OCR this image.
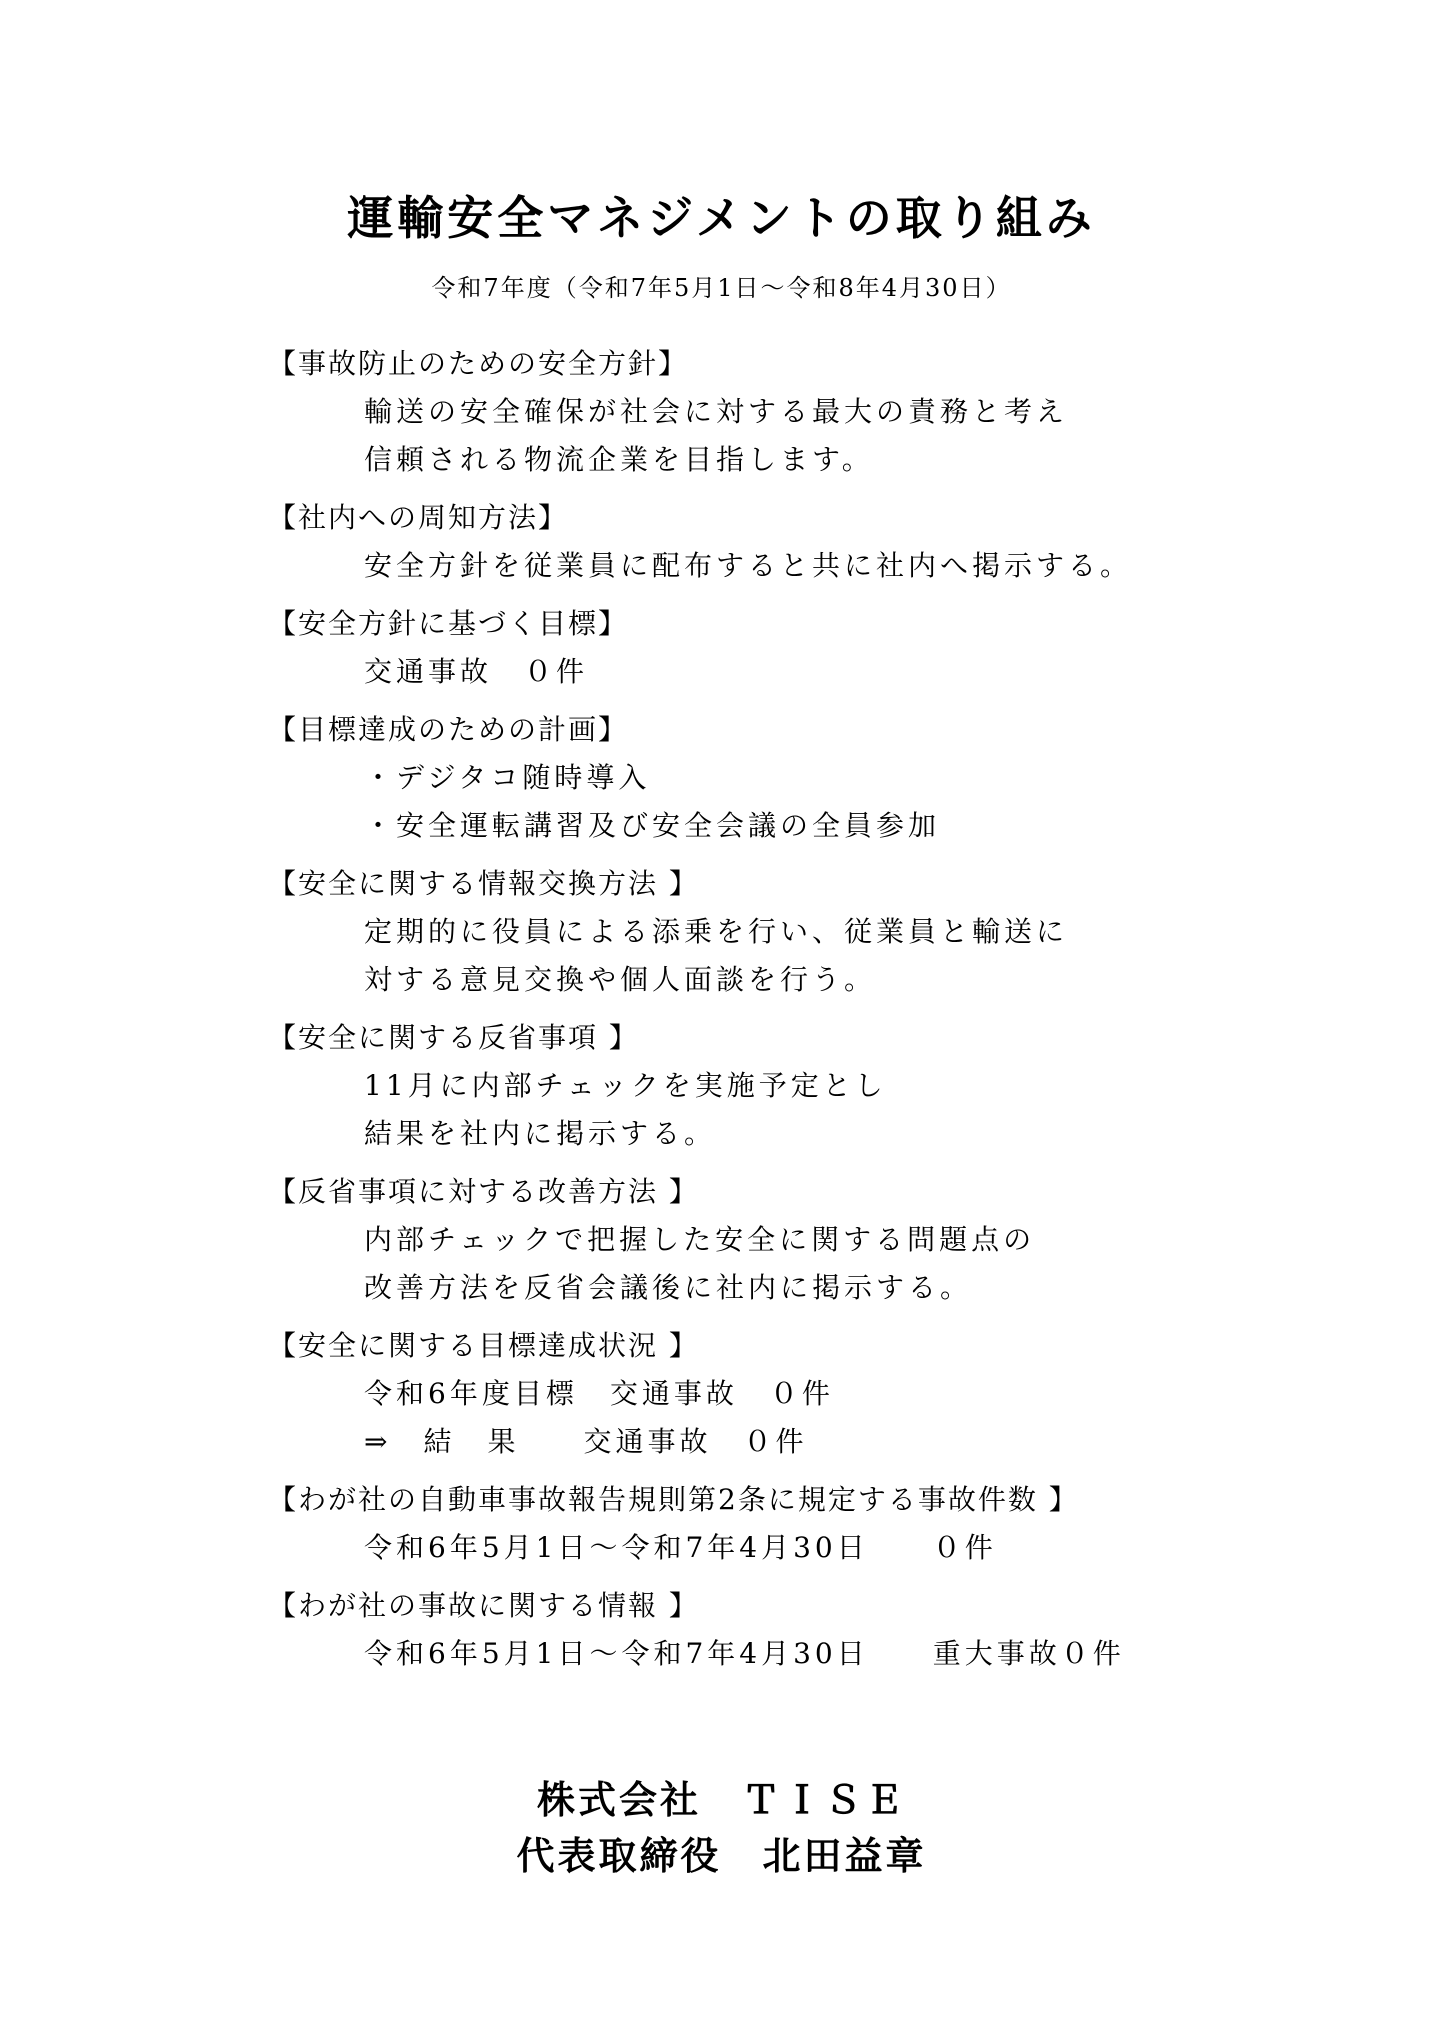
運輸安全マネジメントの取り組み
令和7年度（令和7年5月1日～令和8年4月30日）
【事故防止のための安全方針】
輸送の安全確保が社会に対する最大の責務と考え
信頼される物流企業を目指します。
【社内への周知方法】
安全方針を従業員に配布すると共に社内へ掲示する。
【安全方針に基づく目標】
交通事故　０件
【目標達成のための計画】
・デジタコ随時導入
・安全運転講習及び安全会議の全員参加
【安全に関する情報交換方法 】
定期的に役員による添乗を行い、従業員と輸送に
対する意見交換や個人面談を行う。
【安全に関する反省事項 】
11月に内部チェックを実施予定とし
結果を社内に掲示する。
【反省事項に対する改善方法 】
内部チェックで把握した安全に関する問題点の
改善方法を反省会議後に社内に掲示する。
【安全に関する目標達成状況 】
令和6年度目標　交通事故　０件
⇒　結　果　　交通事故　０件
【わが社の自動車事故報告規則第2条に規定する事故件数 】
令和6年5月1日～令和7年4月30日　　０件
【わが社の事故に関する情報 】
令和6年5月1日～令和7年4月30日　　重大事故０件
株式会社　ＴＩＳＥ
代表取締役　北田益章
